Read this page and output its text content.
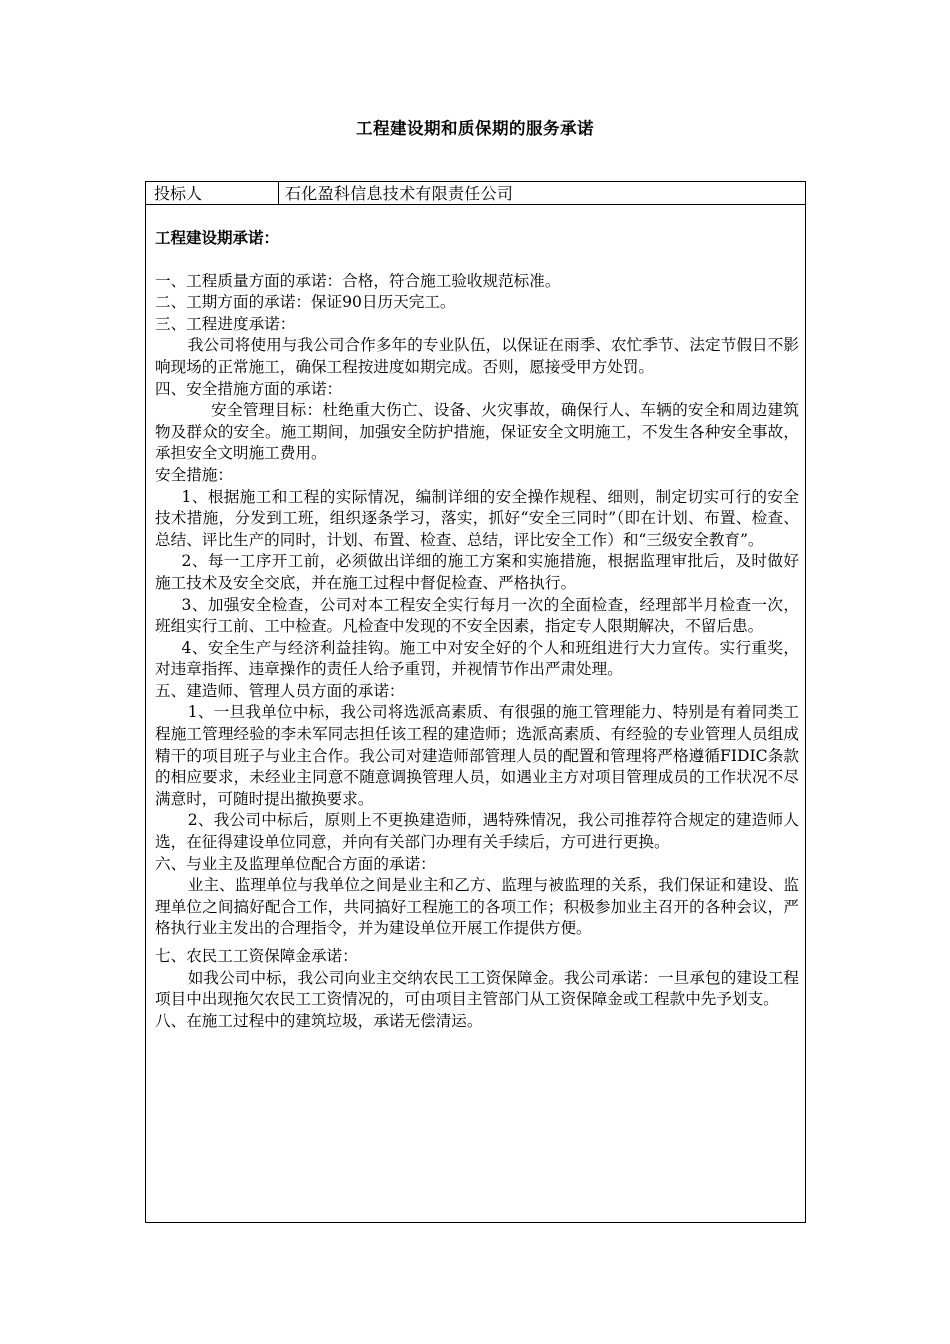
工程建设期和质保期的服务承诺
投标人	石化盈科信息技术有限责任公司

工程建设期承诺：

一、工程质量方面的承诺：合格，符合施工验收规范标准。

二、工期方面的承诺：保证90日历天完工。

三、工程进度承诺：

我公司将使用与我公司合作多年的专业队伍，以保证在雨季、农忙季节、法定节假日不影响现场的正常施工，确保工程按进度如期完成。否则，愿接受甲方处罚。

四、安全措施方面的承诺：

安全管理目标：杜绝重大伤亡、设备、火灾事故，确保行人、车辆的安全和周边建筑物及群众的安全。施工期间，加强安全防护措施，保证安全文明施工，不发生各种安全事故，承担安全文明施工费用。

安全措施：

1、根据施工和工程的实际情况，编制详细的安全操作规程、细则，制定切实可行的安全技术措施，分发到工班，组织逐条学习，落实，抓好“安全三同时”（即在计划、布置、检查、总结、评比生产的同时，计划、布置、检查、总结，评比安全工作）和“三级安全教育”。

2、每一工序开工前，必须做出详细的施工方案和实施措施，根据监理审批后，及时做好施工技术及安全交底，并在施工过程中督促检查、严格执行。

3、加强安全检查，公司对本工程安全实行每月一次的全面检查，经理部半月检查一次，班组实行工前、工中检查。凡检查中发现的不安全因素，指定专人限期解决，不留后患。

4、安全生产与经济利益挂钩。施工中对安全好的个人和班组进行大力宣传。实行重奖，对违章指挥、违章操作的责任人给予重罚，并视情节作出严肃处理。

五、建造师、管理人员方面的承诺：

1、一旦我单位中标，我公司将选派高素质、有很强的施工管理能力、特别是有着同类工程施工管理经验的李未军同志担任该工程的建造师；选派高素质、有经验的专业管理人员组成精干的项目班子与业主合作。我公司对建造师部管理人员的配置和管理将严格遵循FIDIC条款的相应要求，未经业主同意不随意调换管理人员，如遇业主方对项目管理成员的工作状况不尽满意时，可随时提出撤换要求。

2、我公司中标后，原则上不更换建造师，遇特殊情况，我公司推荐符合规定的建造师人选，在征得建设单位同意，并向有关部门办理有关手续后，方可进行更换。

六、与业主及监理单位配合方面的承诺：

业主、监理单位与我单位之间是业主和乙方、监理与被监理的关系，我们保证和建设、监理单位之间搞好配合工作，共同搞好工程施工的各项工作；积极参加业主召开的各种会议，严格执行业主发出的合理指令，并为建设单位开展工作提供方便。

七、农民工工资保障金承诺：

如我公司中标，我公司向业主交纳农民工工资保障金。我公司承诺：一旦承包的建设工程项目中出现拖欠农民工工资情况的，可由项目主管部门从工资保障金或工程款中先予划支。

八、在施工过程中的建筑垃圾，承诺无偿清运。
